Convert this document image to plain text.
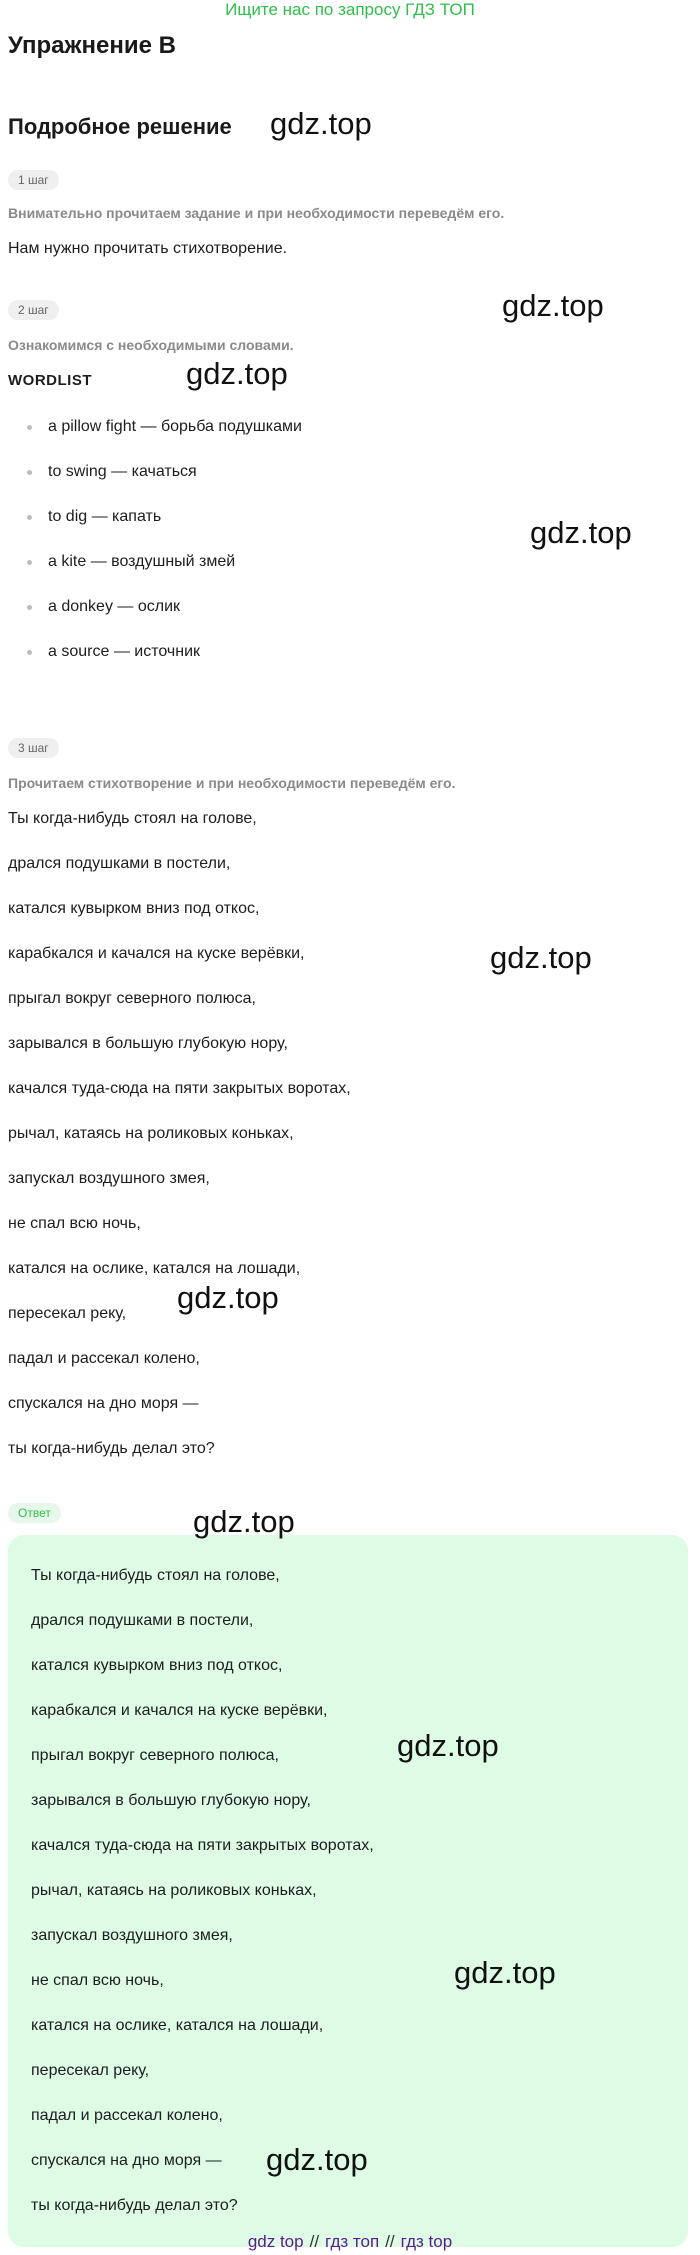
Ищите нас по запросу ГДЗ ТОП
Упражнение B
Подробное решение
1 шаг
Внимательно прочитаем задание и при необходимости переведём его.
Нам нужно прочитать стихотворение.
2 шаг
Ознакомимся с необходимыми словами.
WORDLIST
a pillow fight — борьба подушками
to swing — качаться
to dig — капать
a kite — воздушный змей
a donkey — ослик
a source — источник
3 шаг
Прочитаем стихотворение и при необходимости переведём его.
Ты когда-нибудь стоял на голове,
дрался подушками в постели,
катался кувырком вниз под откос,
карабкался и качался на куске верёвки,
прыгал вокруг северного полюса,
зарывался в большую глубокую нору,
качался туда-сюда на пяти закрытых воротах,
рычал, катаясь на роликовых коньках,
запускал воздушного змея,
не спал всю ночь,
катался на ослике, катался на лошади,
пересекал реку,
падал и рассекал колено,
спускался на дно моря —
ты когда-нибудь делал это?
Ответ
Ты когда-нибудь стоял на голове,
дрался подушками в постели,
катался кувырком вниз под откос,
карабкался и качался на куске верёвки,
прыгал вокруг северного полюса,
зарывался в большую глубокую нору,
качался туда-сюда на пяти закрытых воротах,
рычал, катаясь на роликовых коньках,
запускал воздушного змея,
не спал всю ночь,
катался на ослике, катался на лошади,
пересекал реку,
падал и рассекал колено,
спускался на дно моря —
ты когда-нибудь делал это?
gdz.top
gdz.top
gdz.top
gdz.top
gdz.top
gdz.top
gdz.top
gdz.top
gdz.top
gdz.top
gdz top // гдз топ // гдз top
